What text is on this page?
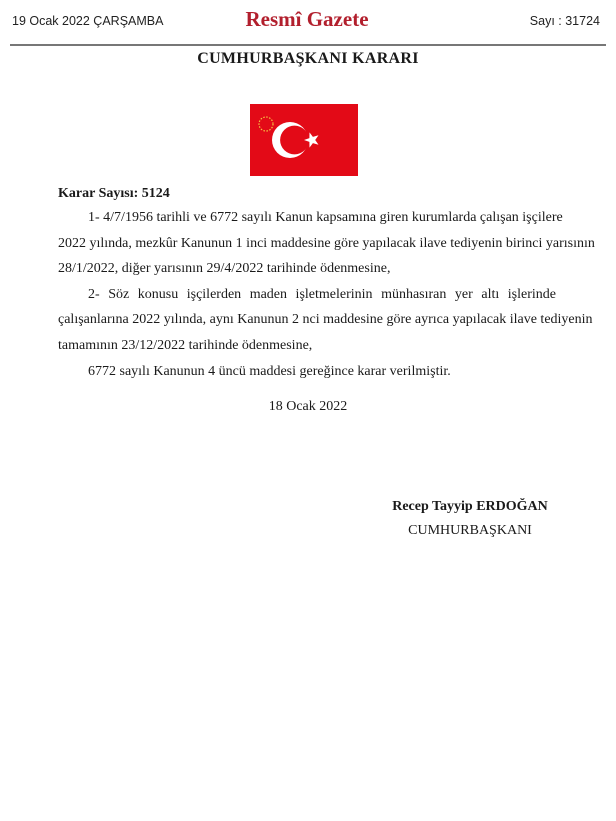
19 Ocak 2022 ÇARŞAMBA	Resmî Gazete	Sayı : 31724
CUMHURBAŞKANI KARARI
Karar Sayısı: 5124
1- 4/7/1956 tarihli ve 6772 sayılı Kanun kapsamına giren kurumlarda çalışan işçilere
2022 yılında, mezkûr Kanunun 1 inci maddesine göre yapılacak ilave tediyenin birinci yarısının
28/1/2022, diğer yarısının 29/4/2022 tarihinde ödenmesine,
2- Söz konusu işçilerden maden işletmelerinin münhasıran yer altı işlerinde
çalışanlarına 2022 yılında, aynı Kanunun 2 nci maddesine göre ayrıca yapılacak ilave tediyenin
tamamının 23/12/2022 tarihinde ödenmesine,
6772 sayılı Kanunun 4 üncü maddesi gereğince karar verilmiştir.
18 Ocak 2022
Recep Tayyip ERDOĞAN
CUMHURBAŞKANI
